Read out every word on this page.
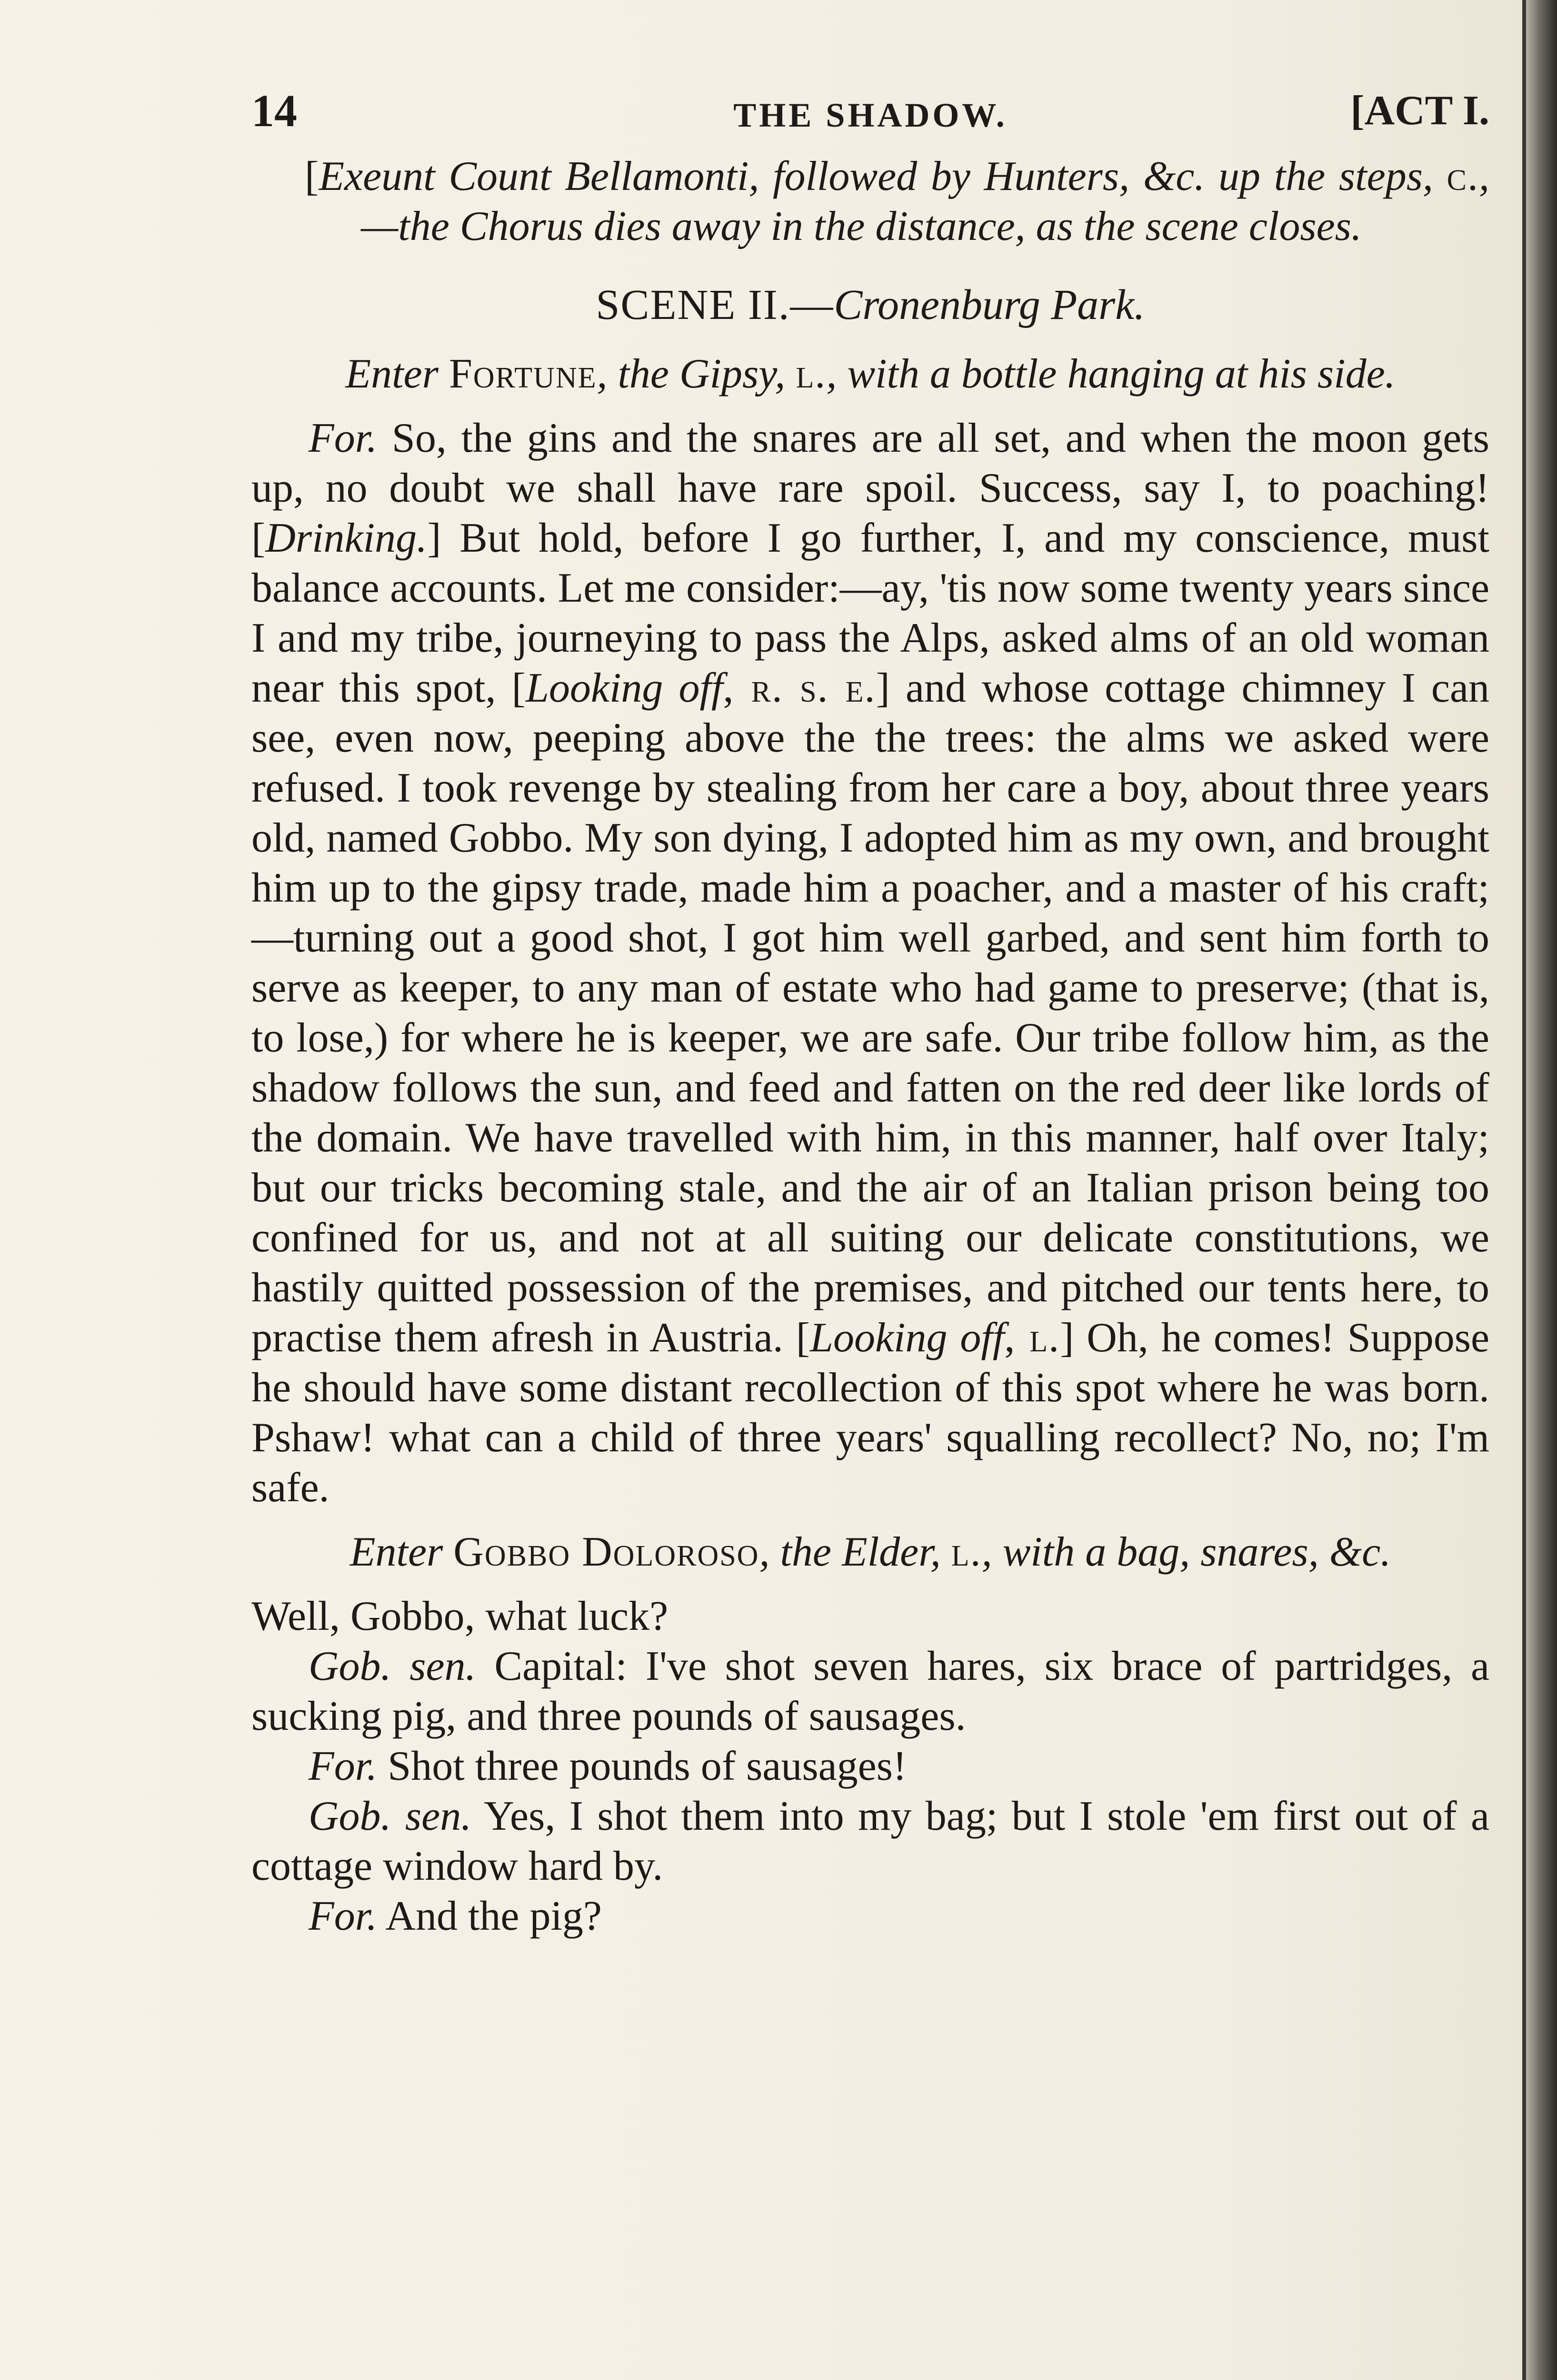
14	THE SHADOW.	[ACT I.

[Exeunt Count Bellamonti, followed by Hunters, &c. up the steps, c.,—the Chorus dies away in the distance, as the scene closes.

SCENE II.—Cronenburg Park.
Enter Fortune, the Gipsy, l., with a bottle hanging at his side.

For. So, the gins and the snares are all set, and when the moon gets up, no doubt we shall have rare spoil. Success, say I, to poaching! [Drinking.] But hold, before I go further, I, and my conscience, must balance accounts. Let me consider:—ay, 'tis now some twenty years since I and my tribe, journeying to pass the Alps, asked alms of an old woman near this spot, [Looking off, r. s. e.] and whose cottage chimney I can see, even now, peeping above the the trees: the alms we asked were refused. I took revenge by stealing from her care a boy, about three years old, named Gobbo. My son dying, I adopted him as my own, and brought him up to the gipsy trade, made him a poacher, and a master of his craft;—turning out a good shot, I got him well garbed, and sent him forth to serve as keeper, to any man of estate who had game to preserve; (that is, to lose,) for where he is keeper, we are safe. Our tribe follow him, as the shadow follows the sun, and feed and fatten on the red deer like lords of the domain. We have travelled with him, in this manner, half over Italy; but our tricks becoming stale, and the air of an Italian prison being too confined for us, and not at all suiting our delicate constitutions, we hastily quitted possession of the premises, and pitched our tents here, to practise them afresh in Austria. [Looking off, l.] Oh, he comes! Suppose he should have some distant recollection of this spot where he was born. Pshaw! what can a child of three years' squalling recollect? No, no; I'm safe.

Enter Gobbo Doloroso, the Elder, l., with a bag, snares, &c.

Well, Gobbo, what luck?

Gob. sen. Capital: I've shot seven hares, six brace of partridges, a sucking pig, and three pounds of sausages.

For. Shot three pounds of sausages!

Gob. sen. Yes, I shot them into my bag; but I stole 'em first out of a cottage window hard by.

For. And the pig?
